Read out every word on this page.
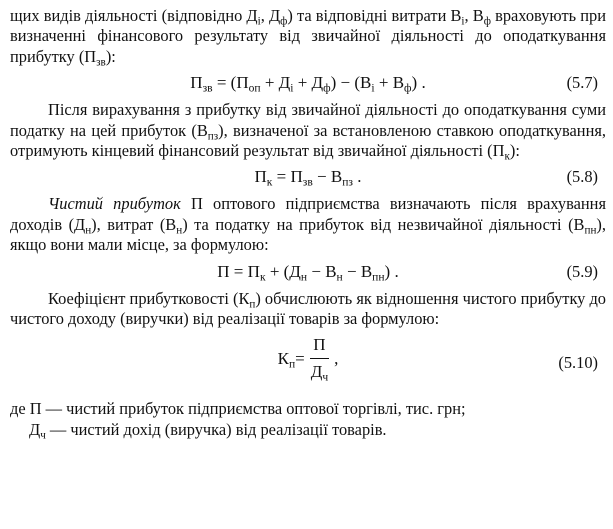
щих видів діяльності (відповідно $Д_і$, $Д_ф$) та відповідні витрати $В_і$, $В_ф$ враховують при визначенні фінансового результату від звичайної діяльності до оподаткування прибутку $(П_{зв})$:

$П_{зв} = (П_{оп} + Д_і + Д_ф) - (В_і + В_ф)$ .	(5.7)

Після вирахування з прибутку від звичайної діяльності до оподаткування суми податку на цей прибуток $(В_{пз})$, визначеної за встановленою ставкою оподаткування, отримують кінцевий фінансовий результат від звичайної діяльності $(П_к)$:

$П_к = П_{зв} - В_{пз}$ .	(5.8)

Чистий прибуток П оптового підприємства визначають після врахування доходів $(Д_н)$, витрат $(В_н)$ та податку на прибуток від незвичайної діяльності $(В_{пн})$, якщо вони мали місце, за формулою:

$П = П_к + (Д_н - В_н - В_{пн})$ .	(5.9)

Коефіцієнт прибутковості $(К_п)$ обчислюють як відношення чистого прибутку до чистого доходу (виручки) від реалізації товарів за формулою:

$К_п= \frac{П}{Д_ч}$ ,	(5.10)

де П — чистий прибуток підприємства оптової торгівлі, тис. грн;

$Д_ч$ — чистий дохід (виручка) від реалізації товарів.
